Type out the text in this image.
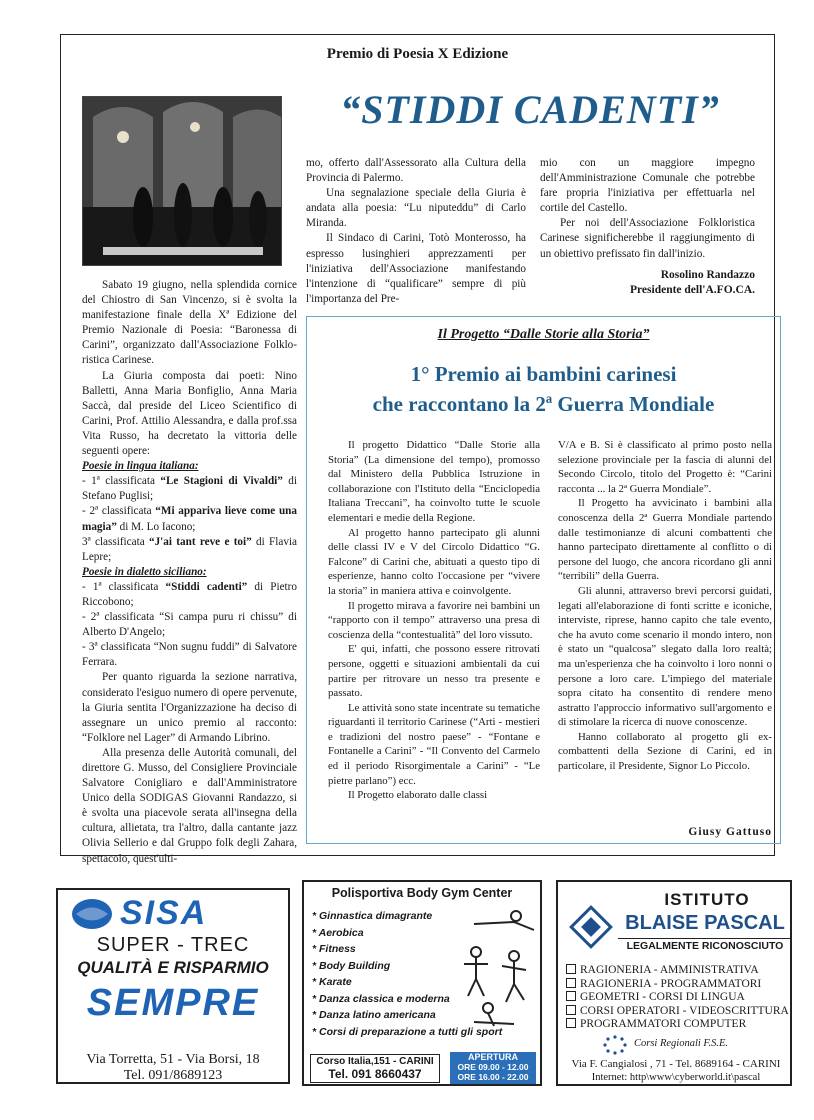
Premio di Poesia X Edizione
“STIDDI CADENTI”

Sabato 19 giugno, nella splendida cornice del Chiostro di San Vincenzo, si è svolta la manifestazione finale della Xª Edizione del Premio Nazionale di Poesia: “Baronessa di Carini”, organizzato dall'Associazione Folklo-ristica Carinese.

La Giuria composta dai poeti: Nino Balletti, Anna Maria Bonfiglio, Anna Maria Saccà, dal preside del Liceo Scientifico di Carini, Prof. Attilio Alessandra, e dalla prof.ssa Vita Russo, ha decretato la vittoria delle seguenti opere:

Poesie in lingua italiana:

- 1ª classificata “Le Stagioni di Vivaldi” di Stefano Puglisi;

- 2ª classificata “Mi appariva lieve come una magia” di M. Lo Iacono;

3ª classificata “J'ai tant reve e toi” di Flavia Lepre;

Poesie in dialetto siciliano:

- 1ª classificata “Stiddi cadenti” di Pietro Riccobono;

- 2ª classificata “Si campa puru ri chissu” di Alberto D'Angelo;

- 3ª classificata “Non sugnu fuddi” di Salvatore Ferrara.

Per quanto riguarda la sezione narrativa, considerato l'esiguo numero di opere pervenute, la Giuria sentita l'Organizzazione ha deciso di assegnare un unico premio al racconto: “Folklore nel Lager” di Armando Librino.

Alla presenza delle Autorità comunali, del direttore G. Musso, del Consigliere Provinciale Salvatore Conigliaro e dall'Amministratore Unico della SODIGAS Giovanni Randazzo, si è svolta una piacevole serata all'insegna della cultura, allietata, tra l'altro, dalla cantante jazz Olivia Sellerio e dal Gruppo folk degli Zahara, spettacolo, quest'ulti-

mo, offerto dall'Assessorato alla Cultura della Provincia di Palermo.

Una segnalazione speciale della Giuria è andata alla poesia: “Lu niputeddu” di Carlo Miranda.

Il Sindaco di Carini, Totò Monterosso, ha espresso lusinghieri apprezzamenti per l'iniziativa dell'Associazione manifestando l'intenzione di “qualificare” sempre di più l'importanza del Pre-

mio con un maggiore impegno dell'Amministrazione Comunale che potrebbe fare propria l'iniziativa per effettuarla nel cortile del Castello.

Per noi dell'Associazione Folkloristica Carinese significherebbe il raggiungimento di un obiettivo prefissato fin dall'inizio.

Rosolino Randazzo

Presidente dell'A.FO.CA.

Il Progetto “Dalle Storie alla Storia”
1° Premio ai bambini carinesi
che raccontano la 2ª Guerra Mondiale

Il progetto Didattico “Dalle Storie alla Storia” (La dimensione del tempo), promosso dal Ministero della Pubblica Istruzione in collaborazione con l'Istituto della “Enciclopedia Italiana Treccani”, ha coinvolto tutte le scuole elementari e medie della Regione.

Al progetto hanno partecipato gli alunni delle classi IV e V del Circolo Didattico “G. Falcone” di Carini che, abituati a questo tipo di esperienze, hanno colto l'occasione per “vivere la storia” in maniera attiva e coinvolgente.

Il progetto mirava a favorire nei bambini un “rapporto con il tempo” attraverso una presa di coscienza della “contestualità” del loro vissuto.

E' qui, infatti, che possono essere ritrovati persone, oggetti e situazioni ambientali da cui partire per ritrovare un nesso tra presente e passato.

Le attività sono state incentrate su tematiche riguardanti il territorio Carinese (“Arti - mestieri e tradizioni del nostro paese” - “Fontane e Fontanelle a Carini” - “Il Convento del Carmelo ed il periodo Risorgimentale a Carini” - “Le pietre parlano”) ecc.

Il Progetto elaborato dalle classi

V/A e B. Si è classificato al primo posto nella selezione provinciale per la fascia di alunni del Secondo Circolo, titolo del Progetto è: “Carini racconta ... la 2ª Guerra Mondiale”.

Il Progetto ha avvicinato i bambini alla conoscenza della 2ª Guerra Mondiale partendo dalle testimonianze di alcuni combattenti che hanno partecipato direttamente al conflitto o di persone del luogo, che ancora ricordano gli anni “terribili” della Guerra.

Gli alunni, attraverso brevi percorsi guidati, legati all'elaborazione di fonti scritte e iconiche, interviste, riprese, hanno capito che tale evento, che ha avuto come scenario il mondo intero, non è stato un “qualcosa” slegato dalla loro realtà; ma un'esperienza che ha coinvolto i loro nonni o persone a loro care. L'impiego del materiale sopra citato ha consentito di rendere meno astratto l'approccio informativo sull'argomento e di stimolare la ricerca di nuove conoscenze.

Hanno collaborato al progetto gli ex- combattenti della Sezione di Carini, ed in particolare, il Presidente, Signor Lo Piccolo.

Giusy Gattuso
SISA
SUPER - TREC
QUALITÀ E RISPARMIO
SEMPRE
Via Torretta, 51 - Via Borsi, 18
Tel. 091/8689123
Polisportiva Body Gym Center
* Ginnastica dimagrante
* Aerobica
* Fitness
* Body Building
* Karate
* Danza classica e moderna
* Danza latino americana
* Corsi di preparazione a tutti gli sport
Corso Italia,151 - CARINI
Tel. 091 8660437
APERTURA
ORE 09.00 - 12.00
ORE 16.00 - 22.00
ISTITUTO
BLAISE PASCAL
LEGALMENTE RICONOSCIUTO
RAGIONERIA - AMMINISTRATIVA
RAGIONERIA - PROGRAMMATORI
GEOMETRI - CORSI DI LINGUA
CORSI OPERATORI - VIDEOSCRITTURA
PROGRAMMATORI COMPUTER
Corsi Regionali F.S.E.
Via F. Cangialosi , 71 - Tel. 8689164 - CARINI
Internet: http\www\cyberworld.it\pascal
